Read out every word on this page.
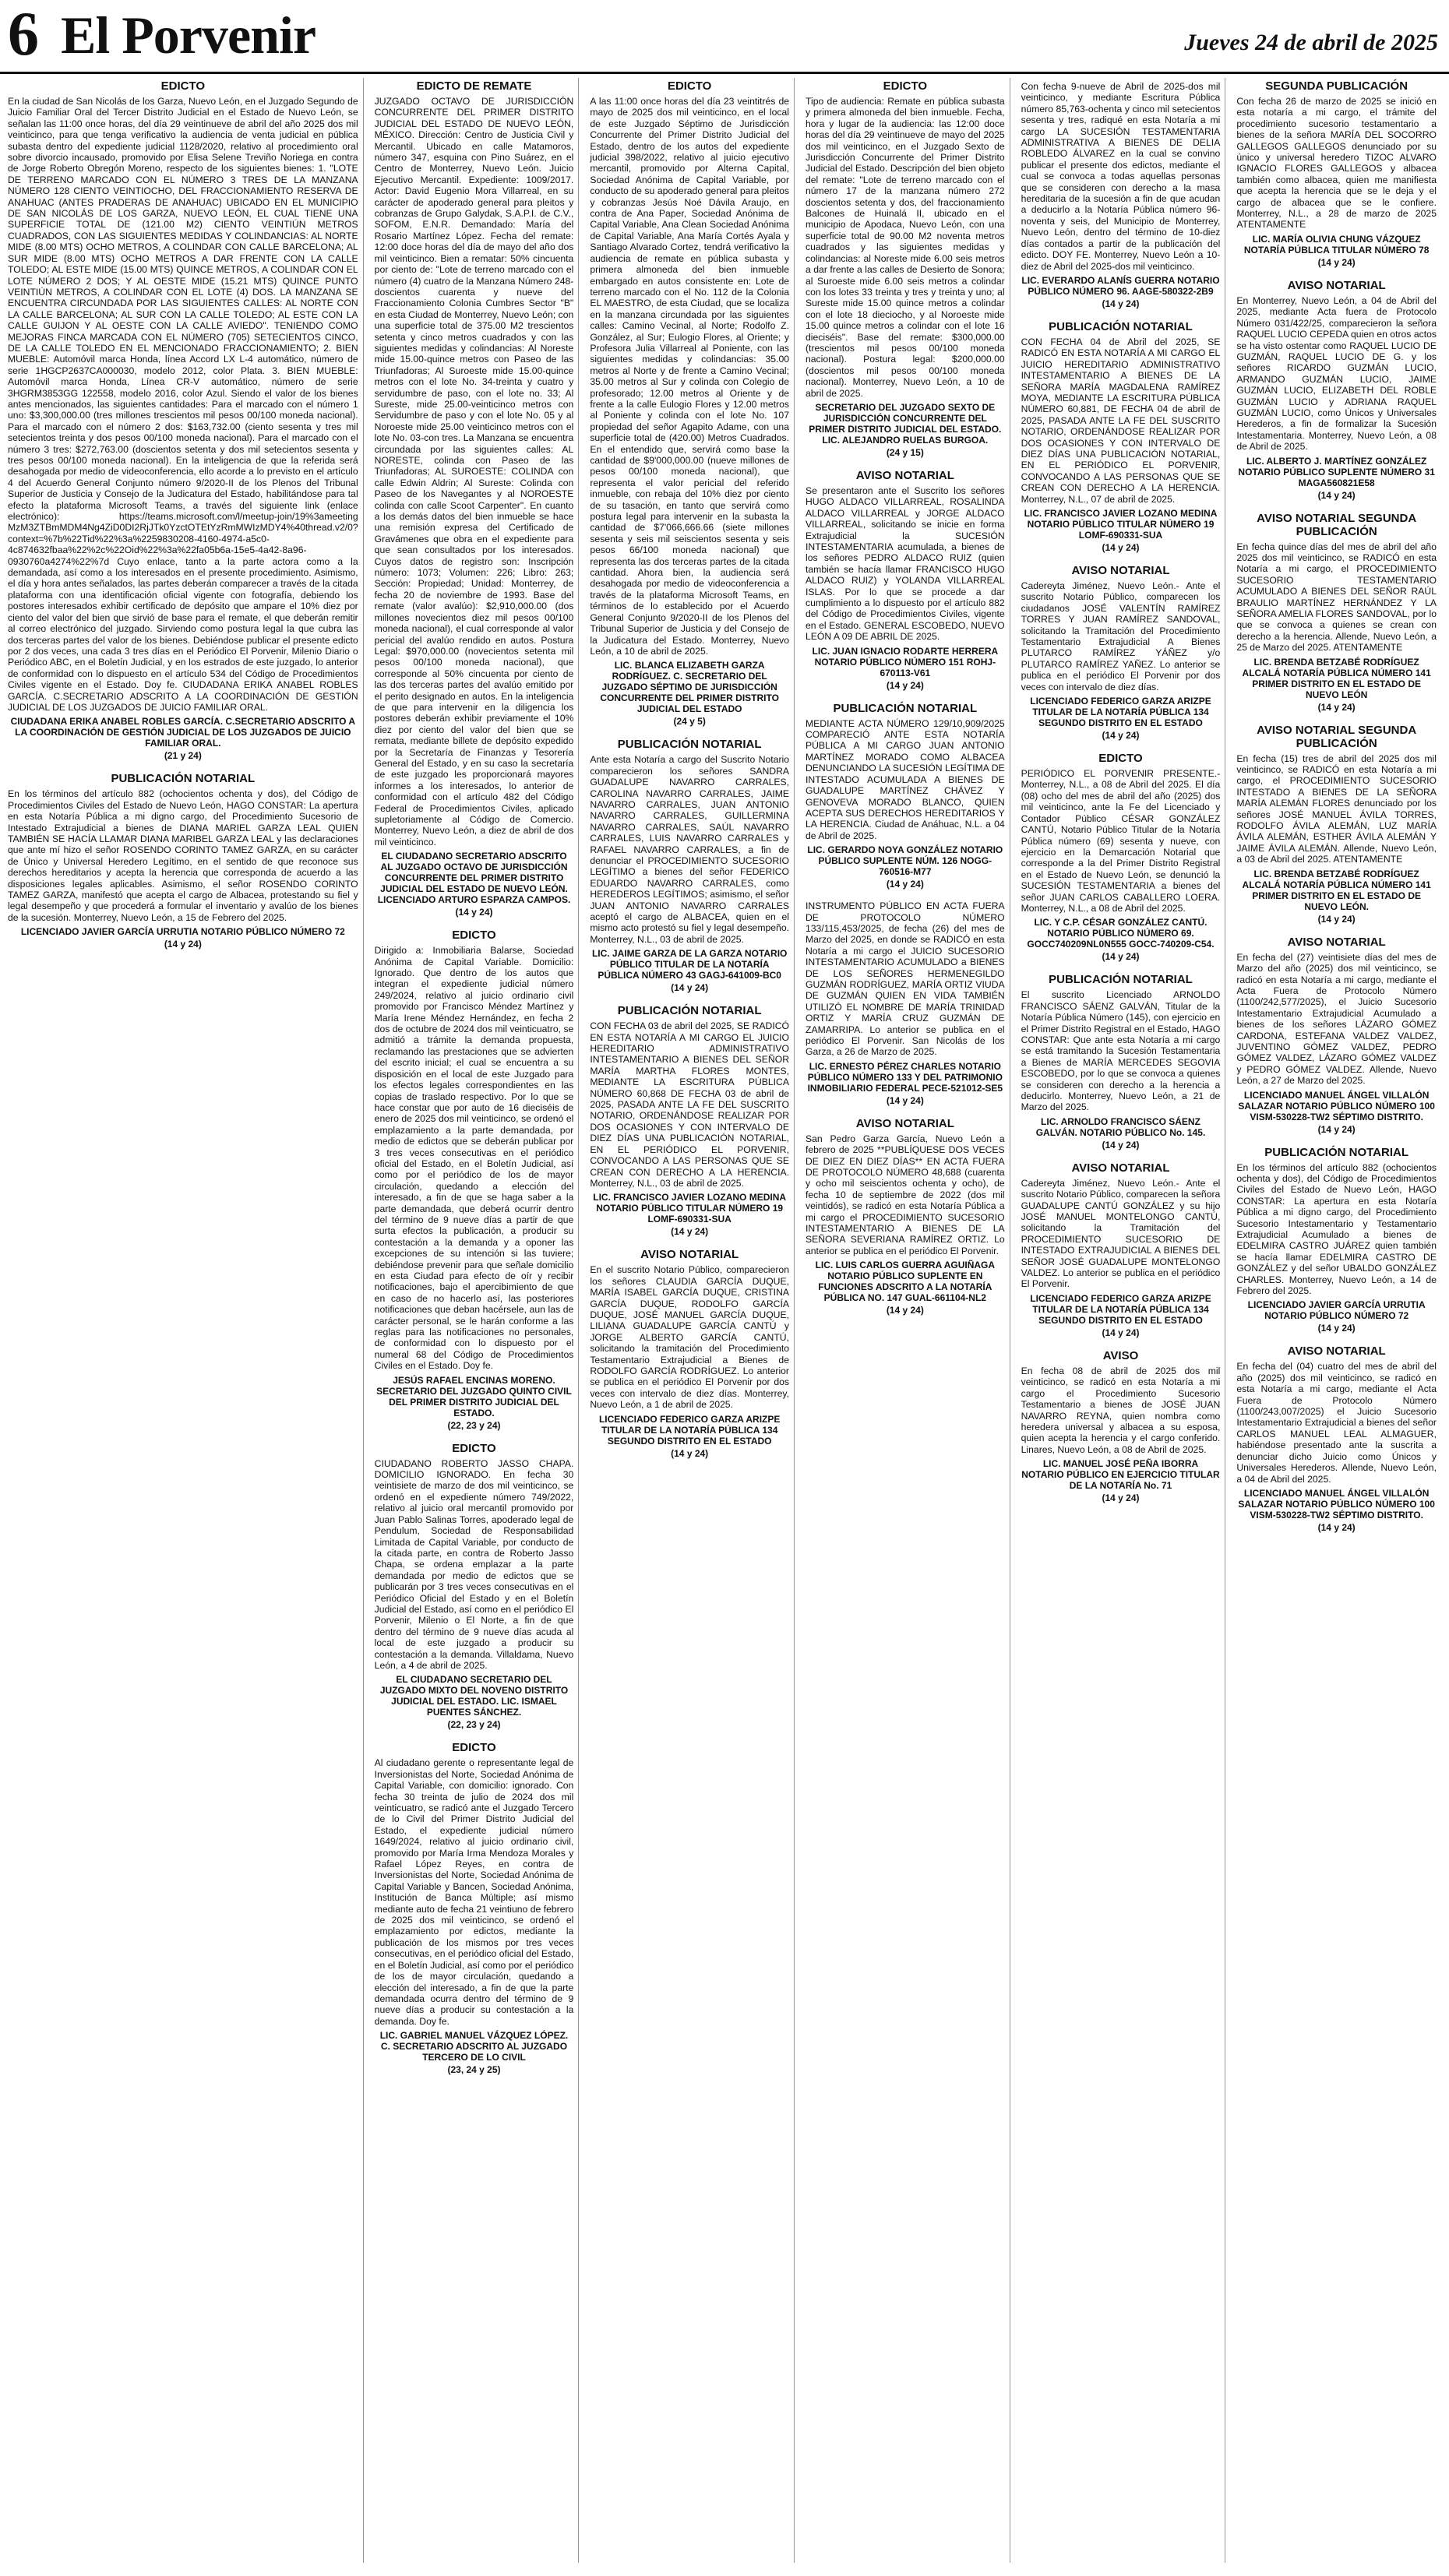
6 El Porvenir	Jueves 24 de abril de 2025

EDICTO

En la ciudad de San Nicolás de los Garza, Nuevo León, en el Juzgado Segundo de Juicio Familiar Oral del Tercer Distrito Judicial en el Estado de Nuevo León, se señalan las 11:00 once horas, del día 29 veintinueve de abril del año 2025 dos mil veinticinco, para que tenga verificativo la audiencia de venta judicial en pública subasta dentro del expediente judicial 1128/2020, relativo al procedimiento oral sobre divorcio incausado, promovido por Elisa Selene Treviño Noriega en contra de Jorge Roberto Obregón Moreno, respecto de los siguientes bienes: 1. "LOTE DE TERRENO MARCADO CON EL NÚMERO 3 TRES DE LA MANZANA NÚMERO 128 CIENTO VEINTIOCHO, DEL FRACCIONAMIENTO RESERVA DE ANAHUAC (ANTES PRADERAS DE ANAHUAC) UBICADO EN EL MUNICIPIO DE SAN NICOLÁS DE LOS GARZA, NUEVO LEÓN, EL CUAL TIENE UNA SUPERFICIE TOTAL DE (121.00 M2) CIENTO VEINTIÚN METROS CUADRADOS, CON LAS SIGUIENTES MEDIDAS Y COLINDANCIAS: AL NORTE MIDE (8.00 MTS) OCHO METROS, A COLINDAR CON CALLE BARCELONA; AL SUR MIDE (8.00 MTS) OCHO METROS A DAR FRENTE CON LA CALLE TOLEDO; AL ESTE MIDE (15.00 MTS) QUINCE METROS, A COLINDAR CON EL LOTE NÚMERO 2 DOS; Y AL OESTE MIDE (15.21 MTS) QUINCE PUNTO VEINTIÚN METROS, A COLINDAR CON EL LOTE (4) DOS. LA MANZANA SE ENCUENTRA CIRCUNDADA POR LAS SIGUIENTES CALLES: AL NORTE CON LA CALLE BARCELONA; AL SUR CON LA CALLE TOLEDO; AL ESTE CON LA CALLE GUIJON Y AL OESTE CON LA CALLE AVIEDO". TENIENDO COMO MEJORAS FINCA MARCADA CON EL NÚMERO (705) SETECIENTOS CINCO, DE LA CALLE TOLEDO EN EL MENCIONADO FRACCIONAMIENTO; 2. BIEN MUEBLE: Automóvil marca Honda, línea Accord LX L-4 automático, número de serie 1HGCP2637CA000030, modelo 2012, color Plata. 3. BIEN MUEBLE: Automóvil marca Honda, Línea CR-V automático, número de serie 3HGRM3853GG 122558, modelo 2016, color Azul. Siendo el valor de los bienes antes mencionados, las siguientes cantidades: Para el marcado con el número 1 uno: $3,300,000.00 (tres millones trescientos mil pesos 00/100 moneda nacional). Para el marcado con el número 2 dos: $163,732.00 (ciento sesenta y tres mil setecientos treinta y dos pesos 00/100 moneda nacional). Para el marcado con el número 3 tres: $272,763.00 (doscientos setenta y dos mil setecientos sesenta y tres pesos 00/100 moneda nacional). En la inteligencia de que la referida será desahogada por medio de videoconferencia, ello acorde a lo previsto en el artículo 4 del Acuerdo General Conjunto número 9/2020-II de los Plenos del Tribunal Superior de Justicia y Consejo de la Judicatura del Estado, habilitándose para tal efecto la plataforma Microsoft Teams, a través del siguiente link (enlace electrónico): https://teams.microsoft.com/l/meetup-join/19%3ameeting MzM3ZTBmMDM4Ng4ZiD0DI2RjJTk0YzctOTEtYzRmMWIzMDY4%40thread.v2/0?context=%7b%22Tid%22%3a%2259830208-4160-4974-a5c0-4c874632fbaa%22%2c%22Oid%22%3a%22fa05b6a-15e5-4a42-8a96-0930760a4274%22%7d Cuyo enlace, tanto a la parte actora como a la demandada, así como a los interesados en el presente procedimiento. Asimismo, el día y hora antes señalados, las partes deberán comparecer a través de la citada plataforma con una identificación oficial vigente con fotografía, debiendo los postores interesados exhibir certificado de depósito que ampare el 10% diez por ciento del valor del bien que sirvió de base para el remate, el que deberán remitir al correo electrónico del juzgado. Sirviendo como postura legal la que cubra las dos terceras partes del valor de los bienes. Debiéndose publicar el presente edicto por 2 dos veces, una cada 3 tres días en el Periódico El Porvenir, Milenio Diario o Periódico ABC, en el Boletín Judicial, y en los estrados de este juzgado, lo anterior de conformidad con lo dispuesto en el artículo 534 del Código de Procedimientos Civiles vigente en el Estado. Doy fe. CIUDADANA ERIKA ANABEL ROBLES GARCÍA. C.SECRETARIO ADSCRITO A LA COORDINACIÓN DE GESTIÓN JUDICIAL DE LOS JUZGADOS DE JUICIO FAMILIAR ORAL.

CIUDADANA ERIKA ANABEL ROBLES GARCÍA. C.SECRETARIO ADSCRITO A LA COORDINACIÓN DE GESTIÓN JUDICIAL DE LOS JUZGADOS DE JUICIO FAMILIAR ORAL.

(21 y 24)

PUBLICACIÓN NOTARIAL

En los términos del artículo 882 (ochocientos ochenta y dos), del Código de Procedimientos Civiles del Estado de Nuevo León, HAGO CONSTAR: La apertura en esta Notaría Pública a mi digno cargo, del Procedimiento Sucesorio de Intestado Extrajudicial a bienes de DIANA MARIEL GARZA LEAL QUIEN TAMBIÉN SE HACÍA LLAMAR DIANA MARIBEL GARZA LEAL y las declaraciones que ante mí hizo el señor ROSENDO CORINTO TAMEZ GARZA, en su carácter de Único y Universal Heredero Legítimo, en el sentido de que reconoce sus derechos hereditarios y acepta la herencia que corresponda de acuerdo a las disposiciones legales aplicables. Asimismo, el señor ROSENDO CORINTO TAMEZ GARZA, manifestó que acepta el cargo de Albacea, protestando su fiel y legal desempeño y que procederá a formular el inventario y avalúo de los bienes de la sucesión. Monterrey, Nuevo León, a 15 de Febrero del 2025.

LICENCIADO JAVIER GARCÍA URRUTIA NOTARIO PÚBLICO NÚMERO 72

(14 y 24)

EDICTO DE REMATE

JUZGADO OCTAVO DE JURISDICCIÓN CONCURRENTE DEL PRIMER DISTRITO JUDICIAL DEL ESTADO DE NUEVO LEÓN, MÉXICO. Dirección: Centro de Justicia Civil y Mercantil. Ubicado en calle Matamoros, número 347, esquina con Pino Suárez, en el Centro de Monterrey, Nuevo León. Juicio Ejecutivo Mercantil. Expediente: 1009/2017. Actor: David Eugenio Mora Villarreal, en su carácter de apoderado general para pleitos y cobranzas de Grupo Galydak, S.A.P.I. de C.V., SOFOM, E.N.R. Demandado: María del Rosario Martínez López. Fecha del remate: 12:00 doce horas del día de mayo del año dos mil veinticinco. Bien a rematar: 50% cincuenta por ciento de: "Lote de terreno marcado con el número (4) cuatro de la Manzana Número 248-doscientos cuarenta y nueve del Fraccionamiento Colonia Cumbres Sector "B" en esta Ciudad de Monterrey, Nuevo León; con una superficie total de 375.00 M2 trescientos setenta y cinco metros cuadrados y con las siguientes medidas y colindancias: Al Noreste mide 15.00-quince metros con Paseo de las Triunfadoras; Al Suroeste mide 15.00-quince metros con el lote No. 34-treinta y cuatro y servidumbre de paso, con el lote no. 33; Al Sureste, mide 25.00-veinticinco metros con Servidumbre de paso y con el lote No. 05 y al Noroeste mide 25.00 veinticinco metros con el lote No. 03-con tres. La Manzana se encuentra circundada por las siguientes calles: AL NORESTE, colinda con Paseo de las Triunfadoras; AL SUROESTE: COLINDA con calle Edwin Aldrin; Al Sureste: Colinda con Paseo de los Navegantes y al NOROESTE colinda con calle Scoot Carpenter". En cuanto a los demás datos del bien inmueble se hace una remisión expresa del Certificado de Gravámenes que obra en el expediente para que sean consultados por los interesados. Cuyos datos de registro son: Inscripción número: 1073; Volumen: 226; Libro: 263; Sección: Propiedad; Unidad: Monterrey, de fecha 20 de noviembre de 1993. Base del remate (valor avalúo): $2,910,000.00 (dos millones novecientos diez mil pesos 00/100 moneda nacional), el cual corresponde al valor pericial del avalúo rendido en autos. Postura Legal: $970,000.00 (novecientos setenta mil pesos 00/100 moneda nacional), que corresponde al 50% cincuenta por ciento de las dos terceras partes del avalúo emitido por el perito designado en autos. En la inteligencia de que para intervenir en la diligencia los postores deberán exhibir previamente el 10% diez por ciento del valor del bien que se remata, mediante billete de depósito expedido por la Secretaría de Finanzas y Tesorería General del Estado, y en su caso la secretaría de este juzgado les proporcionará mayores informes a los interesados, lo anterior de conformidad con el artículo 482 del Código Federal de Procedimientos Civiles, aplicado supletoriamente al Código de Comercio. Monterrey, Nuevo León, a diez de abril de dos mil veinticinco.

EL CIUDADANO SECRETARIO ADSCRITO AL JUZGADO OCTAVO DE JURISDICCIÓN CONCURRENTE DEL PRIMER DISTRITO JUDICIAL DEL ESTADO DE NUEVO LEÓN. LICENCIADO ARTURO ESPARZA CAMPOS.

(14 y 24)

EDICTO

Dirigido a: Inmobiliaria Balarse, Sociedad Anónima de Capital Variable. Domicilio: Ignorado. Que dentro de los autos que integran el expediente judicial número 249/2024, relativo al juicio ordinario civil promovido por Francisco Méndez Martínez y María Irene Méndez Hernández, en fecha 2 dos de octubre de 2024 dos mil veinticuatro, se admitió a trámite la demanda propuesta, reclamando las prestaciones que se advierten del escrito inicial; el cual se encuentra a su disposición en el local de este Juzgado para los efectos legales correspondientes en las copias de traslado respectivo. Por lo que se hace constar que por auto de 16 dieciséis de enero de 2025 dos mil veinticinco, se ordenó el emplazamiento a la parte demandada, por medio de edictos que se deberán publicar por 3 tres veces consecutivas en el periódico oficial del Estado, en el Boletín Judicial, así como por el periódico de los de mayor circulación, quedando a elección del interesado, a fin de que se haga saber a la parte demandada, que deberá ocurrir dentro del término de 9 nueve días a partir de que surta efectos la publicación, a producir su contestación a la demanda y a oponer las excepciones de su intención si las tuviere; debiéndose prevenir para que señale domicilio en esta Ciudad para efecto de oír y recibir notificaciones, bajo el apercibimiento de que en caso de no hacerlo así, las posteriores notificaciones que deban hacérsele, aun las de carácter personal, se le harán conforme a las reglas para las notificaciones no personales, de conformidad con lo dispuesto por el numeral 68 del Código de Procedimientos Civiles en el Estado. Doy fe.

JESÚS RAFAEL ENCINAS MORENO. SECRETARIO DEL JUZGADO QUINTO CIVIL DEL PRIMER DISTRITO JUDICIAL DEL ESTADO.

(22, 23 y 24)

EDICTO

CIUDADANO ROBERTO JASSO CHAPA. DOMICILIO IGNORADO. En fecha 30 veintisiete de marzo de dos mil veinticinco, se ordenó en el expediente número 749/2022, relativo al juicio oral mercantil promovido por Juan Pablo Salinas Torres, apoderado legal de Pendulum, Sociedad de Responsabilidad Limitada de Capital Variable, por conducto de la citada parte, en contra de Roberto Jasso Chapa, se ordena emplazar a la parte demandada por medio de edictos que se publicarán por 3 tres veces consecutivas en el Periódico Oficial del Estado y en el Boletín Judicial del Estado, así como en el periódico El Porvenir, Milenio o El Norte, a fin de que dentro del término de 9 nueve días acuda al local de este juzgado a producir su contestación a la demanda. Villaldama, Nuevo León, a 4 de abril de 2025.

EL CIUDADANO SECRETARIO DEL JUZGADO MIXTO DEL NOVENO DISTRITO JUDICIAL DEL ESTADO. LIC. ISMAEL PUENTES SÁNCHEZ.

(22, 23 y 24)

EDICTO

Al ciudadano gerente o representante legal de Inversionistas del Norte, Sociedad Anónima de Capital Variable, con domicilio: ignorado. Con fecha 30 treinta de julio de 2024 dos mil veinticuatro, se radicó ante el Juzgado Tercero de lo Civil del Primer Distrito Judicial del Estado, el expediente judicial número 1649/2024, relativo al juicio ordinario civil, promovido por María Irma Mendoza Morales y Rafael López Reyes, en contra de Inversionistas del Norte, Sociedad Anónima de Capital Variable y Bancen, Sociedad Anónima, Institución de Banca Múltiple; así mismo mediante auto de fecha 21 veintiuno de febrero de 2025 dos mil veinticinco, se ordenó el emplazamiento por edictos, mediante la publicación de los mismos por tres veces consecutivas, en el periódico oficial del Estado, en el Boletín Judicial, así como por el periódico de los de mayor circulación, quedando a elección del interesado, a fin de que la parte demandada ocurra dentro del término de 9 nueve días a producir su contestación a la demanda. Doy fe.

LIC. GABRIEL MANUEL VÁZQUEZ LÓPEZ. C. SECRETARIO ADSCRITO AL JUZGADO TERCERO DE LO CIVIL

(23, 24 y 25)

EDICTO

A las 11:00 once horas del día 23 veintitrés de mayo de 2025 dos mil veinticinco, en el local de este Juzgado Séptimo de Jurisdicción Concurrente del Primer Distrito Judicial del Estado, dentro de los autos del expediente judicial 398/2022, relativo al juicio ejecutivo mercantil, promovido por Alterna Capital, Sociedad Anónima de Capital Variable, por conducto de su apoderado general para pleitos y cobranzas Jesús Noé Dávila Araujo, en contra de Ana Paper, Sociedad Anónima de Capital Variable, Ana Clean Sociedad Anónima de Capital Variable, Ana María Cortés Ayala y Santiago Alvarado Cortez, tendrá verificativo la audiencia de remate en pública subasta y primera almoneda del bien inmueble embargado en autos consistente en: Lote de terreno marcado con el No. 112 de la Colonia EL MAESTRO, de esta Ciudad, que se localiza en la manzana circundada por las siguientes calles: Camino Vecinal, al Norte; Rodolfo Z. González, al Sur; Eulogio Flores, al Oriente; y Profesora Julia Villarreal al Poniente, con las siguientes medidas y colindancias: 35.00 metros al Norte y de frente a Camino Vecinal; 35.00 metros al Sur y colinda con Colegio de profesorado; 12.00 metros al Oriente y de frente a la calle Eulogio Flores y 12.00 metros al Poniente y colinda con el lote No. 107 propiedad del señor Agapito Adame, con una superficie total de (420.00) Metros Cuadrados. En el entendido que, servirá como base la cantidad de $9'000,000.00 (nueve millones de pesos 00/100 moneda nacional), que representa el valor pericial del referido inmueble, con rebaja del 10% diez por ciento de su tasación, en tanto que servirá como postura legal para intervenir en la subasta la cantidad de $7'066,666.66 (siete millones sesenta y seis mil seiscientos sesenta y seis pesos 66/100 moneda nacional) que representa las dos terceras partes de la citada cantidad. Ahora bien, la audiencia será desahogada por medio de videoconferencia a través de la plataforma Microsoft Teams, en términos de lo establecido por el Acuerdo General Conjunto 9/2020-II de los Plenos del Tribunal Superior de Justicia y del Consejo de la Judicatura del Estado. Monterrey, Nuevo León, a 10 de abril de 2025.

LIC. BLANCA ELIZABETH GARZA RODRÍGUEZ. C. SECRETARIO DEL JUZGADO SÉPTIMO DE JURISDICCIÓN CONCURRENTE DEL PRIMER DISTRITO JUDICIAL DEL ESTADO

(24 y 5)

PUBLICACIÓN NOTARIAL

Ante esta Notaría a cargo del Suscrito Notario comparecieron los señores SANDRA GUADALUPE NAVARRO CARRALES, CAROLINA NAVARRO CARRALES, JAIME NAVARRO CARRALES, JUAN ANTONIO NAVARRO CARRALES, GUILLERMINA NAVARRO CARRALES, SAÚL NAVARRO CARRALES, LUIS NAVARRO CARRALES y RAFAEL NAVARRO CARRALES, a fin de denunciar el PROCEDIMIENTO SUCESORIO LEGÍTIMO a bienes del señor FEDERICO EDUARDO NAVARRO CARRALES, como HEREDEROS LEGÍTIMOS; asimismo, el señor JUAN ANTONIO NAVARRO CARRALES aceptó el cargo de ALBACEA, quien en el mismo acto protestó su fiel y legal desempeño. Monterrey, N.L., 03 de abril de 2025.

LIC. JAIME GARZA DE LA GARZA NOTARIO PÚBLICO TITULAR DE LA NOTARÍA PÚBLICA NÚMERO 43 GAGJ-641009-BC0

(14 y 24)

PUBLICACIÓN NOTARIAL

CON FECHA 03 de abril del 2025, SE RADICÓ EN ESTA NOTARÍA A MI CARGO EL JUICIO HEREDITARIO ADMINISTRATIVO INTESTAMENTARIO A BIENES DEL SEÑOR MARÍA MARTHA FLORES MONTES, MEDIANTE LA ESCRITURA PÚBLICA NÚMERO 60,868 DE FECHA 03 de abril de 2025, PASADA ANTE LA FE DEL SUSCRITO NOTARIO, ORDENÁNDOSE REALIZAR POR DOS OCASIONES Y CON INTERVALO DE DIEZ DÍAS UNA PUBLICACIÓN NOTARIAL, EN EL PERIÓDICO EL PORVENIR, CONVOCANDO A LAS PERSONAS QUE SE CREAN CON DERECHO A LA HERENCIA. Monterrey, N.L., 03 de abril de 2025.

LIC. FRANCISCO JAVIER LOZANO MEDINA NOTARIO PÚBLICO TITULAR NÚMERO 19 LOMF-690331-SUA

(14 y 24)

AVISO NOTARIAL

En el suscrito Notario Público, comparecieron los señores CLAUDIA GARCÍA DUQUE, MARÍA ISABEL GARCÍA DUQUE, CRISTINA GARCÍA DUQUE, RODOLFO GARCÍA DUQUE, JOSÉ MANUEL GARCÍA DUQUE, LILIANA GUADALUPE GARCÍA CANTÚ y JORGE ALBERTO GARCÍA CANTÚ, solicitando la tramitación del Procedimiento Testamentario Extrajudicial a Bienes de RODOLFO GARCÍA RODRÍGUEZ. Lo anterior se publica en el periódico El Porvenir por dos veces con intervalo de diez días. Monterrey, Nuevo León, a 1 de abril de 2025.

LICENCIADO FEDERICO GARZA ARIZPE TITULAR DE LA NOTARÍA PÚBLICA 134 SEGUNDO DISTRITO EN EL ESTADO

(14 y 24)

EDICTO

Tipo de audiencia: Remate en pública subasta y primera almoneda del bien inmueble. Fecha, hora y lugar de la audiencia: las 12:00 doce horas del día 29 veintinueve de mayo del 2025 dos mil veinticinco, en el Juzgado Sexto de Jurisdicción Concurrente del Primer Distrito Judicial del Estado. Descripción del bien objeto del remate: "Lote de terreno marcado con el número 17 de la manzana número 272 doscientos setenta y dos, del fraccionamiento Balcones de Huinalá II, ubicado en el municipio de Apodaca, Nuevo León, con una superficie total de 90.00 M2 noventa metros cuadrados y las siguientes medidas y colindancias: al Noreste mide 6.00 seis metros a dar frente a las calles de Desierto de Sonora; al Suroeste mide 6.00 seis metros a colindar con los lotes 33 treinta y tres y treinta y uno; al Sureste mide 15.00 quince metros a colindar con el lote 18 dieciocho, y al Noroeste mide 15.00 quince metros a colindar con el lote 16 dieciséis". Base del remate: $300,000.00 (trescientos mil pesos 00/100 moneda nacional). Postura legal: $200,000.00 (doscientos mil pesos 00/100 moneda nacional). Monterrey, Nuevo León, a 10 de abril de 2025.

SECRETARIO DEL JUZGADO SEXTO DE JURISDICCIÓN CONCURRENTE DEL PRIMER DISTRITO JUDICIAL DEL ESTADO. LIC. ALEJANDRO RUELAS BURGOA.

(24 y 15)

AVISO NOTARIAL

Se presentaron ante el Suscrito los señores HUGO ALDACO VILLARREAL, ROSALINDA ALDACO VILLARREAL y JORGE ALDACO VILLARREAL, solicitando se inicie en forma Extrajudicial la SUCESIÓN INTESTAMENTARIA acumulada, a bienes de los señores PEDRO ALDACO RUIZ (quien también se hacía llamar FRANCISCO HUGO ALDACO RUIZ) y YOLANDA VILLARREAL ISLAS. Por lo que se procede a dar cumplimiento a lo dispuesto por el artículo 882 del Código de Procedimientos Civiles, vigente en el Estado. GENERAL ESCOBEDO, NUEVO LEÓN A 09 DE ABRIL DE 2025.

LIC. JUAN IGNACIO RODARTE HERRERA NOTARIO PÚBLICO NÚMERO 151 ROHJ-670113-V61

(14 y 24)

PUBLICACIÓN NOTARIAL

MEDIANTE ACTA NÚMERO 129/10,909/2025 COMPARECIÓ ANTE ESTA NOTARÍA PÚBLICA A MI CARGO JUAN ANTONIO MARTÍNEZ MORADO COMO ALBACEA DENUNCIANDO LA SUCESIÓN LEGÍTIMA DE INTESTADO ACUMULADA A BIENES DE GUADALUPE MARTÍNEZ CHÁVEZ Y GENOVEVA MORADO BLANCO, QUIEN ACEPTA SUS DERECHOS HEREDITARIOS Y LA HERENCIA. Ciudad de Anáhuac, N.L. a 04 de Abril de 2025.

LIC. GERARDO NOYA GONZÁLEZ NOTARIO PÚBLICO SUPLENTE NÚM. 126 NOGG-760516-M77

(14 y 24)

INSTRUMENTO PÚBLICO EN ACTA FUERA DE PROTOCOLO NÚMERO 133/115,453/2025, de fecha (26) del mes de Marzo del 2025, en donde se RADICÓ en esta Notaría a mi cargo el JUICIO SUCESORIO INTESTAMENTARIO ACUMULADO a BIENES DE LOS SEÑORES HERMENEGILDO GUZMÁN RODRÍGUEZ, MARÍA ORTIZ VIUDA DE GUZMÁN QUIEN EN VIDA TAMBIÉN UTILIZÓ EL NOMBRE DE MARÍA TRINIDAD ORTIZ Y MARÍA CRUZ GUZMÁN DE ZAMARRIPA. Lo anterior se publica en el periódico El Porvenir. San Nicolás de los Garza, a 26 de Marzo de 2025.

LIC. ERNESTO PÉREZ CHARLES NOTARIO PÚBLICO NÚMERO 133 Y DEL PATRIMONIO INMOBILIARIO FEDERAL PECE-521012-SE5

(14 y 24)

AVISO NOTARIAL

San Pedro Garza García, Nuevo León a febrero de 2025 **PUBLÍQUESE DOS VECES DE DIEZ EN DIEZ DÍAS** EN ACTA FUERA DE PROTOCOLO NÚMERO 48,688 (cuarenta y ocho mil seiscientos ochenta y ocho), de fecha 10 de septiembre de 2022 (dos mil veintidós), se radicó en esta Notaría Pública a mi cargo el PROCEDIMIENTO SUCESORIO INTESTAMENTARIO A BIENES DE LA SEÑORA SEVERIANA RAMÍREZ ORTIZ. Lo anterior se publica en el periódico El Porvenir.

LIC. LUIS CARLOS GUERRA AGUIÑAGA NOTARIO PÚBLICO SUPLENTE EN FUNCIONES ADSCRITO A LA NOTARÍA PÚBLICA NO. 147 GUAL-661104-NL2

(14 y 24)

Con fecha 9-nueve de Abril de 2025-dos mil veinticinco, y mediante Escritura Pública número 85,763-ochenta y cinco mil setecientos sesenta y tres, radiqué en esta Notaría a mi cargo LA SUCESIÓN TESTAMENTARIA ADMINISTRATIVA A BIENES DE DELIA ROBLEDO ÁLVAREZ en la cual se convino publicar el presente dos edictos, mediante el cual se convoca a todas aquellas personas que se consideren con derecho a la masa hereditaria de la sucesión a fin de que acudan a deducirlo a la Notaría Pública número 96-noventa y seis, del Municipio de Monterrey, Nuevo León, dentro del término de 10-diez días contados a partir de la publicación del edicto. DOY FE. Monterrey, Nuevo León a 10-diez de Abril del 2025-dos mil veinticinco.

LIC. EVERARDO ALANÍS GUERRA NOTARIO PÚBLICO NÚMERO 96. AAGE-580322-2B9

(14 y 24)

PUBLICACIÓN NOTARIAL

CON FECHA 04 de Abril del 2025, SE RADICÓ EN ESTA NOTARÍA A MI CARGO EL JUICIO HEREDITARIO ADMINISTRATIVO INTESTAMENTARIO A BIENES DE LA SEÑORA MARÍA MAGDALENA RAMÍREZ MOYA, MEDIANTE LA ESCRITURA PÚBLICA NÚMERO 60,881, DE FECHA 04 de abril de 2025, PASADA ANTE LA FE DEL SUSCRITO NOTARIO, ORDENÁNDOSE REALIZAR POR DOS OCASIONES Y CON INTERVALO DE DIEZ DÍAS UNA PUBLICACIÓN NOTARIAL, EN EL PERIÓDICO EL PORVENIR, CONVOCANDO A LAS PERSONAS QUE SE CREAN CON DERECHO A LA HERENCIA. Monterrey, N.L., 07 de abril de 2025.

LIC. FRANCISCO JAVIER LOZANO MEDINA NOTARIO PÚBLICO TITULAR NÚMERO 19 LOMF-690331-SUA

(14 y 24)

AVISO NOTARIAL

Cadereyta Jiménez, Nuevo León.- Ante el suscrito Notario Público, comparecen los ciudadanos JOSÉ VALENTÍN RAMÍREZ TORRES Y JUAN RAMÍREZ SANDOVAL, solicitando la Tramitación del Procedimiento Testamentario Extrajudicial A Bienes PLUTARCO RAMÍREZ YÁÑEZ y/o PLUTARCO RAMÍREZ YAÑEZ. Lo anterior se publica en el periódico El Porvenir por dos veces con intervalo de diez días.

LICENCIADO FEDERICO GARZA ARIZPE TITULAR DE LA NOTARÍA PÚBLICA 134 SEGUNDO DISTRITO EN EL ESTADO

(14 y 24)

EDICTO

PERIÓDICO EL PORVENIR PRESENTE.- Monterrey, N.L., a 08 de Abril del 2025. El día (08) ocho del mes de abril del año (2025) dos mil veinticinco, ante la Fe del Licenciado y Contador Público CÉSAR GONZÁLEZ CANTÚ, Notario Público Titular de la Notaría Pública número (69) sesenta y nueve, con ejercicio en la Demarcación Notarial que corresponde a la del Primer Distrito Registral en el Estado de Nuevo León, se denunció la SUCESIÓN TESTAMENTARIA a bienes del señor JUAN CARLOS CABALLERO LOERA. Monterrey, N.L., a 08 de Abril del 2025.

LIC. Y C.P. CÉSAR GONZÁLEZ CANTÚ. NOTARIO PÚBLICO NÚMERO 69. GOCC740209NL0N555 GOCC-740209-C54.

(14 y 24)

PUBLICACIÓN NOTARIAL

El suscrito Licenciado ARNOLDO FRANCISCO SÁENZ GALVÁN, Titular de la Notaría Pública Número (145), con ejercicio en el Primer Distrito Registral en el Estado, HAGO CONSTAR: Que ante esta Notaría a mi cargo se está tramitando la Sucesión Testamentaria a Bienes de MARÍA MERCEDES SEGOVIA ESCOBEDO, por lo que se convoca a quienes se consideren con derecho a la herencia a deducirlo. Monterrey, Nuevo León, a 21 de Marzo del 2025.

LIC. ARNOLDO FRANCISCO SÁENZ GALVÁN. NOTARIO PÚBLICO No. 145.

(14 y 24)

AVISO NOTARIAL

Cadereyta Jiménez, Nuevo León.- Ante el suscrito Notario Público, comparecen la señora GUADALUPE CANTÚ GONZÁLEZ y su hijo JOSÉ MANUEL MONTELONGO CANTÚ, solicitando la Tramitación del PROCEDIMIENTO SUCESORIO DE INTESTADO EXTRAJUDICIAL A BIENES DEL SEÑOR JOSÉ GUADALUPE MONTELONGO VALDEZ. Lo anterior se publica en el periódico El Porvenir.

LICENCIADO FEDERICO GARZA ARIZPE TITULAR DE LA NOTARÍA PÚBLICA 134 SEGUNDO DISTRITO EN EL ESTADO

(14 y 24)

AVISO

En fecha 08 de abril de 2025 dos mil veinticinco, se radicó en esta Notaría a mi cargo el Procedimiento Sucesorio Testamentario a bienes de JOSÉ JUAN NAVARRO REYNA, quien nombra como heredera universal y albacea a su esposa, quien acepta la herencia y el cargo conferido. Linares, Nuevo León, a 08 de Abril de 2025.

LIC. MANUEL JOSÉ PEÑA IBORRA NOTARIO PÚBLICO EN EJERCICIO TITULAR DE LA NOTARÍA No. 71

(14 y 24)

SEGUNDA PUBLICACIÓN

Con fecha 26 de marzo de 2025 se inició en esta notaría a mi cargo, el trámite del procedimiento sucesorio testamentario a bienes de la señora MARÍA DEL SOCORRO GALLEGOS GALLEGOS denunciado por su único y universal heredero TIZOC ALVARO IGNACIO FLORES GALLEGOS y albacea también como albacea, quien me manifiesta que acepta la herencia que se le deja y el cargo de albacea que se le confiere. Monterrey, N.L., a 28 de marzo de 2025 ATENTAMENTE

LIC. MARÍA OLIVIA CHUNG VÁZQUEZ NOTARÍA PÚBLICA TITULAR NÚMERO 78

(14 y 24)

AVISO NOTARIAL

En Monterrey, Nuevo León, a 04 de Abril del 2025, mediante Acta fuera de Protocolo Número 031/422/25, comparecieron la señora RAQUEL LUCIO CEPEDA quien en otros actos se ha visto ostentar como RAQUEL LUCIO DE GUZMÁN, RAQUEL LUCIO DE G. y los señores RICARDO GUZMÁN LUCIO, ARMANDO GUZMÁN LUCIO, JAIME GUZMÁN LUCIO, ELIZABETH DEL ROBLE GUZMÁN LUCIO y ADRIANA RAQUEL GUZMÁN LUCIO, como Únicos y Universales Herederos, a fin de formalizar la Sucesión Intestamentaria. Monterrey, Nuevo León, a 08 de Abril de 2025.

LIC. ALBERTO J. MARTÍNEZ GONZÁLEZ NOTARIO PÚBLICO SUPLENTE NÚMERO 31 MAGA560821E58

(14 y 24)

AVISO NOTARIAL SEGUNDA PUBLICACIÓN

En fecha quince días del mes de abril del año 2025 dos mil veinticinco, se RADICÓ en esta Notaría a mi cargo, el PROCEDIMIENTO SUCESORIO TESTAMENTARIO ACUMULADO A BIENES DEL SEÑOR RAÚL BRAULIO MARTÍNEZ HERNÁNDEZ Y LA SEÑORA AMELIA FLORES SANDOVAL, por lo que se convoca a quienes se crean con derecho a la herencia. Allende, Nuevo León, a 25 de Marzo del 2025. ATENTAMENTE

LIC. BRENDA BETZABÉ RODRÍGUEZ ALCALÁ NOTARÍA PÚBLICA NÚMERO 141 PRIMER DISTRITO EN EL ESTADO DE NUEVO LEÓN

(14 y 24)

AVISO NOTARIAL SEGUNDA PUBLICACIÓN

En fecha (15) tres de abril del 2025 dos mil veinticinco, se RADICÓ en esta Notaría a mi cargo, el PROCEDIMIENTO SUCESORIO INTESTADO A BIENES DE LA SEÑORA MARÍA ALEMÁN FLORES denunciado por los señores JOSÉ MANUEL ÁVILA TORRES, RODOLFO ÁVILA ALEMÁN, LUZ MARÍA ÁVILA ALEMÁN, ESTHER ÁVILA ALEMÁN Y JAIME ÁVILA ALEMÁN. Allende, Nuevo León, a 03 de Abril del 2025. ATENTAMENTE

LIC. BRENDA BETZABÉ RODRÍGUEZ ALCALÁ NOTARÍA PÚBLICA NÚMERO 141 PRIMER DISTRITO EN EL ESTADO DE NUEVO LEÓN.

(14 y 24)

AVISO NOTARIAL

En fecha del (27) veintisiete días del mes de Marzo del año (2025) dos mil veinticinco, se radicó en esta Notaría a mi cargo, mediante el Acta Fuera de Protocolo Número (1100/242,577/2025), el Juicio Sucesorio Intestamentario Extrajudicial Acumulado a bienes de los señores LÁZARO GÓMEZ CARDONA, ESTEFANA VALDEZ VALDEZ, JUVENTINO GÓMEZ VALDEZ, PEDRO GÓMEZ VALDEZ, LÁZARO GÓMEZ VALDEZ y PEDRO GÓMEZ VALDEZ. Allende, Nuevo León, a 27 de Marzo del 2025.

LICENCIADO MANUEL ÁNGEL VILLALÓN SALAZAR NOTARIO PÚBLICO NÚMERO 100 VISM-530228-TW2 SÉPTIMO DISTRITO.

(14 y 24)

PUBLICACIÓN NOTARIAL

En los términos del artículo 882 (ochocientos ochenta y dos), del Código de Procedimientos Civiles del Estado de Nuevo León, HAGO CONSTAR: La apertura en esta Notaría Pública a mi digno cargo, del Procedimiento Sucesorio Intestamentario y Testamentario Extrajudicial Acumulado a bienes de EDELMIRA CASTRO JUÁREZ quien también se hacía llamar EDELMIRA CASTRO DE GONZÁLEZ y del señor UBALDO GONZÁLEZ CHARLES. Monterrey, Nuevo León, a 14 de Febrero del 2025.

LICENCIADO JAVIER GARCÍA URRUTIA NOTARIO PÚBLICO NÚMERO 72

(14 y 24)

AVISO NOTARIAL

En fecha del (04) cuatro del mes de abril del año (2025) dos mil veinticinco, se radicó en esta Notaría a mi cargo, mediante el Acta Fuera de Protocolo Número (1100/243,007/2025) el Juicio Sucesorio Intestamentario Extrajudicial a bienes del señor CARLOS MANUEL LEAL ALMAGUER, habiéndose presentado ante la suscrita a denunciar dicho Juicio como Únicos y Universales Herederos. Allende, Nuevo León, a 04 de Abril del 2025.

LICENCIADO MANUEL ÁNGEL VILLALÓN SALAZAR NOTARIO PÚBLICO NÚMERO 100 VISM-530228-TW2 SÉPTIMO DISTRITO.

(14 y 24)
